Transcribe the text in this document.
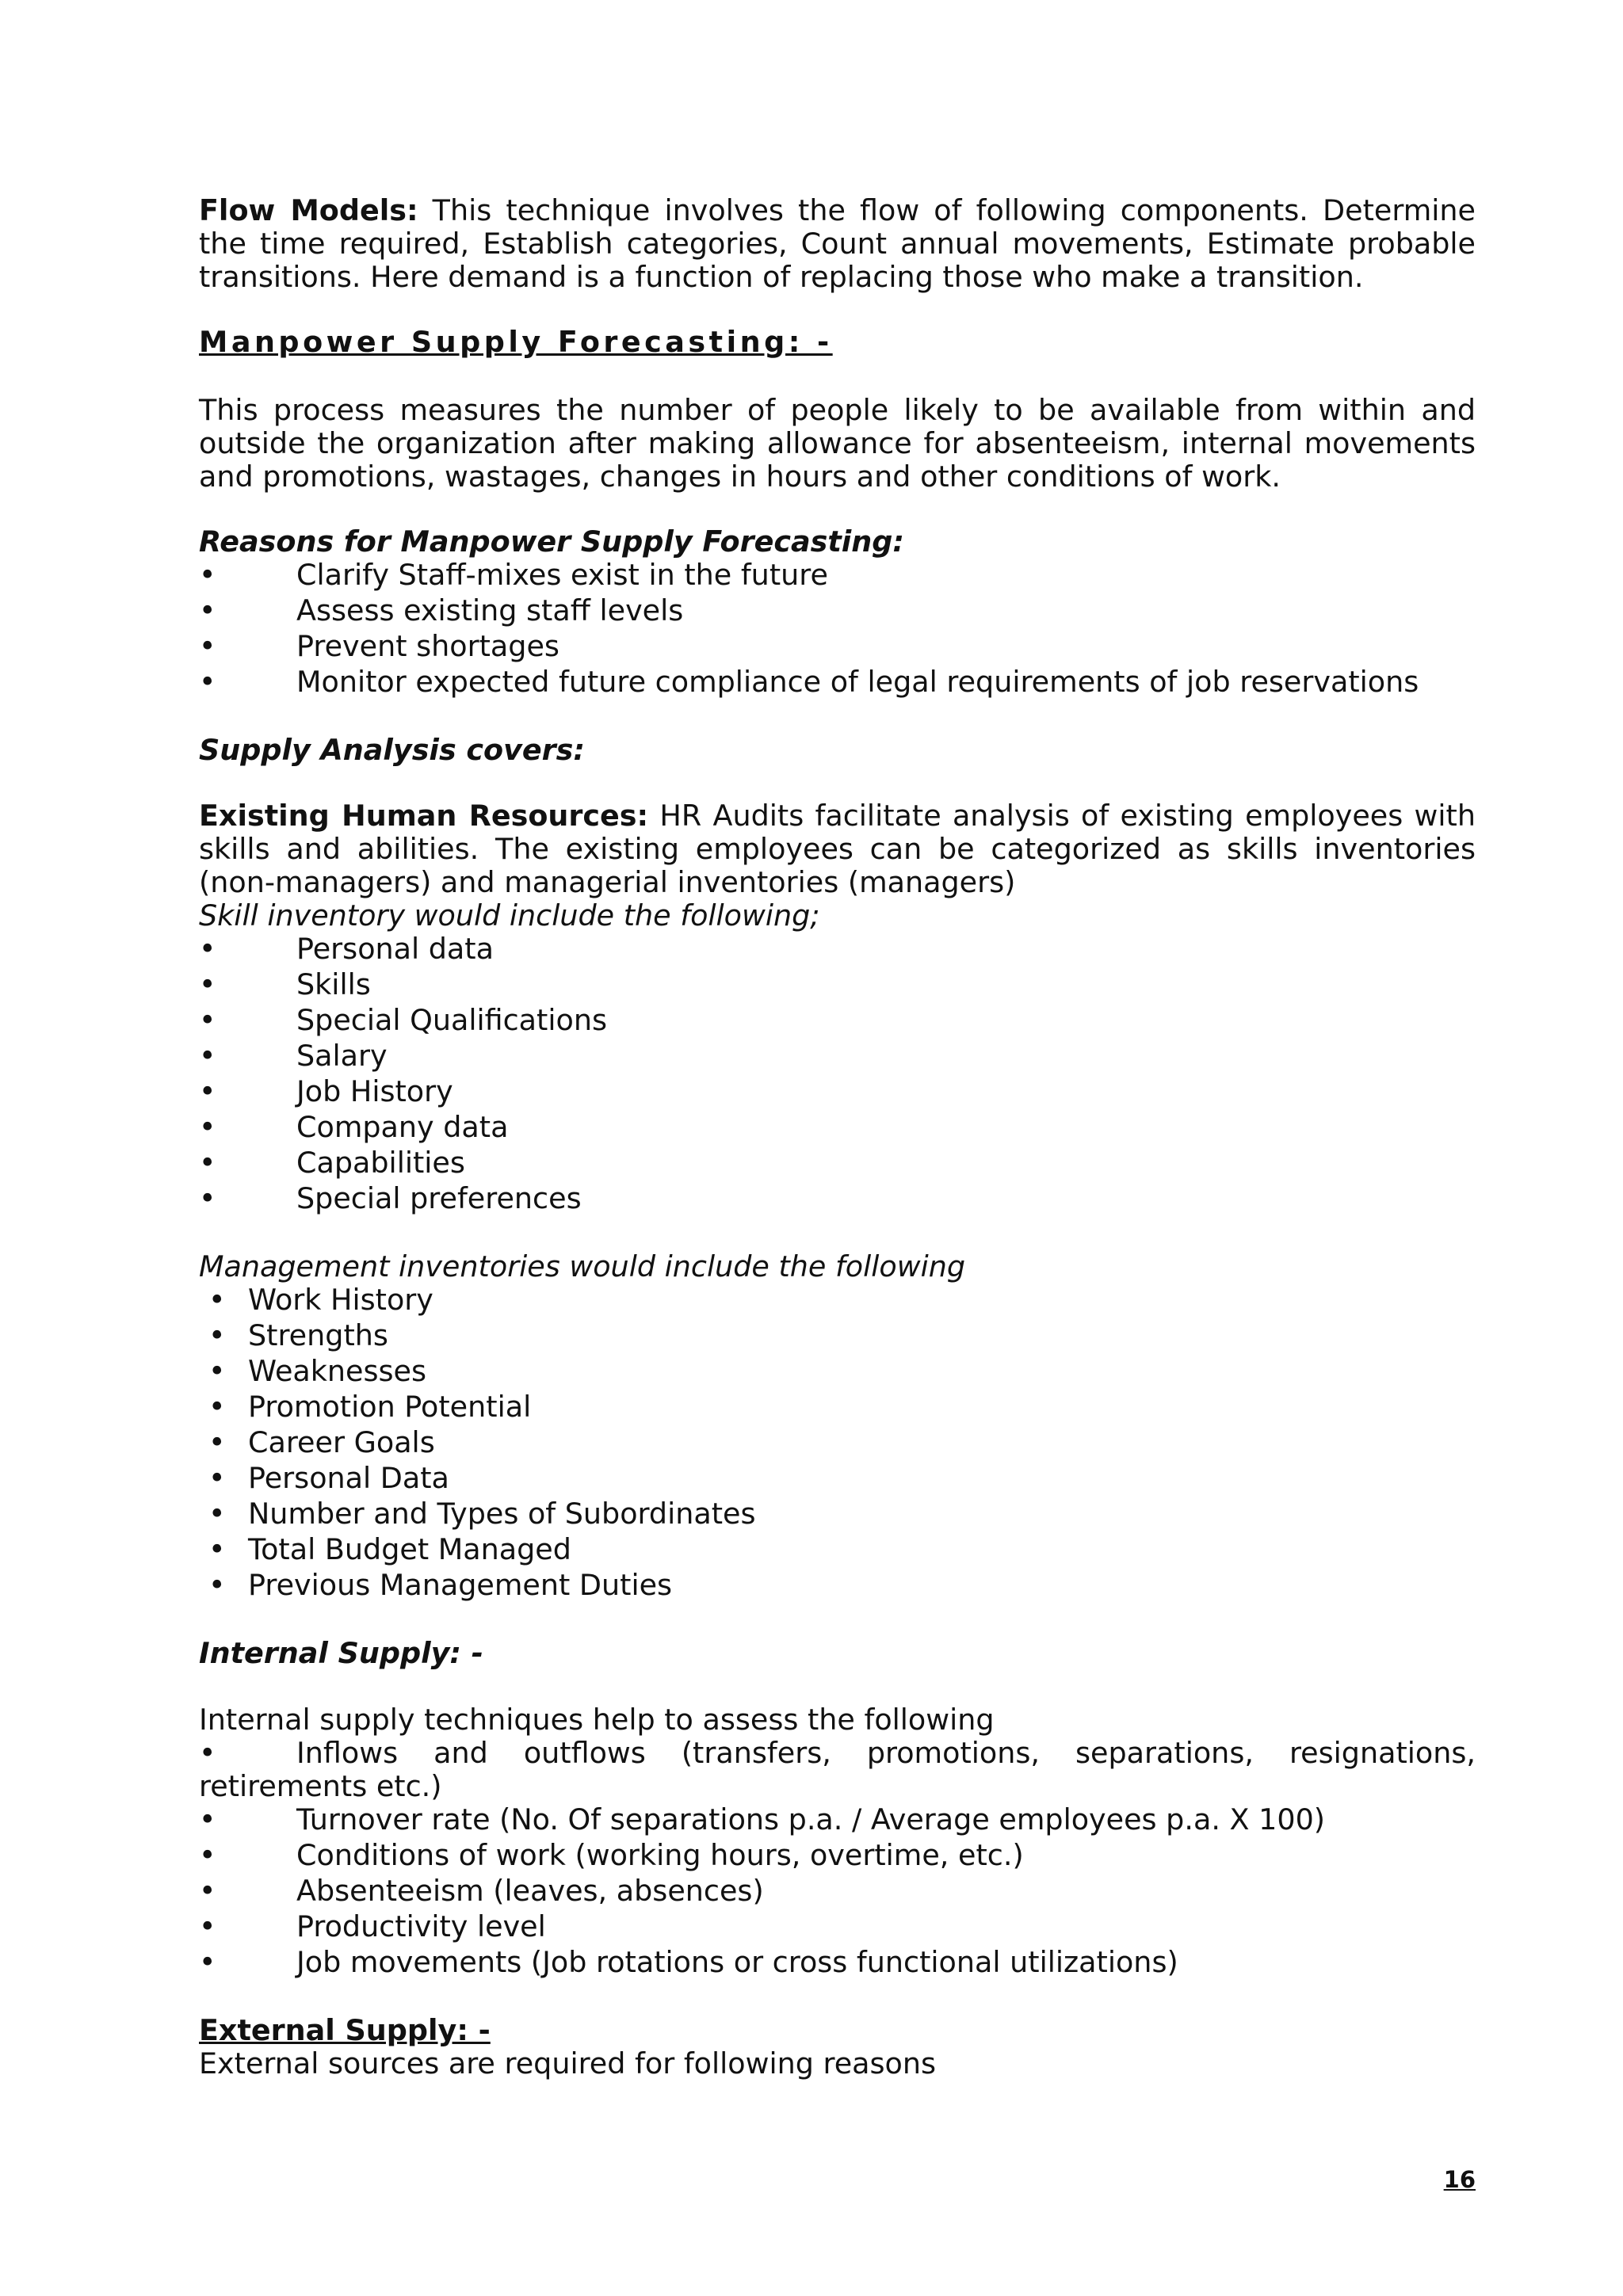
Flow Models: This technique involves the flow of following components. Determine the time required, Establish categories, Count annual movements, Estimate probable transitions. Here demand is a function of replacing those who make a transition.

Manpower Supply Forecasting: -

This process measures the number of people likely to be available from within and outside the organization after making allowance for absenteeism, internal movements and promotions, wastages, changes in hours and other conditions of work.

Reasons for Manpower Supply Forecasting:

•	Clarify Staff-mixes exist in the future
•	Assess existing staff levels
•	Prevent shortages
•	Monitor expected future compliance of legal requirements of job reservations

Supply Analysis covers:

Existing Human Resources: HR Audits facilitate analysis of existing employees with skills and abilities. The existing employees can be categorized as skills inventories (non-managers) and managerial inventories (managers)

Skill inventory would include the following;

•	Personal data
•	Skills
•	Special Qualifications
•	Salary
•	Job History
•	Company data
•	Capabilities
•	Special preferences

Management inventories would include the following

• Work History
• Strengths
• Weaknesses
• Promotion Potential
• Career Goals
• Personal Data
• Number and Types of Subordinates
• Total Budget Managed
• Previous Management Duties

Internal Supply: -

Internal supply techniques help to assess the following

•	Inflows and outflows (transfers, promotions, separations, resignations, retirements etc.)

•	Turnover rate (No. Of separations p.a. / Average employees p.a. X 100)
•	Conditions of work (working hours, overtime, etc.)
•	Absenteeism (leaves, absences)
•	Productivity level
•	Job movements (Job rotations or cross functional utilizations)

External Supply: -

External sources are required for following reasons

16
